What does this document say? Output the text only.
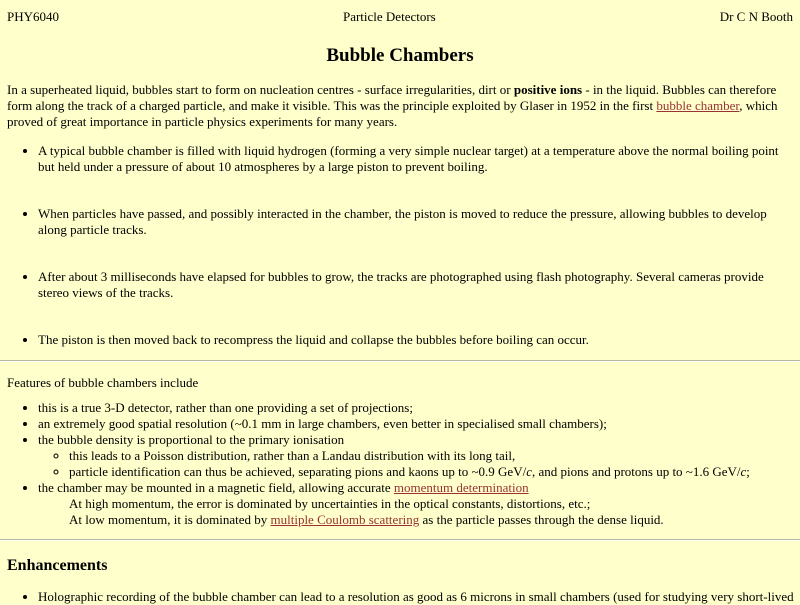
PHY6040	Particle Detectors	Dr C N Booth
Bubble Chambers

In a superheated liquid, bubbles start to form on nucleation centres - surface irregularities, dirt or positive ions - in the liquid. Bubbles can therefore form along the track of a charged particle, and make it visible. This was the principle exploited by Glaser in 1952 in the first bubble chamber, which proved of great importance in particle physics experiments for many years.

• A typical bubble chamber is filled with liquid hydrogen (forming a very simple nuclear target) at a temperature above the normal boiling point but held under a pressure of about 10 atmospheres by a large piston to prevent boiling.
• When particles have passed, and possibly interacted in the chamber, the piston is moved to reduce the pressure, allowing bubbles to develop along particle tracks.
• After about 3 milliseconds have elapsed for bubbles to grow, the tracks are photographed using flash photography. Several cameras provide stereo views of the tracks.
• The piston is then moved back to recompress the liquid and collapse the bubbles before boiling can occur.

Features of bubble chambers include

• this is a true 3-D detector, rather than one providing a set of projections;
• an extremely good spatial resolution (~0.1 mm in large chambers, even better in specialised small chambers);
• the bubble density is proportional to the primary ionisation
◦ this leads to a Poisson distribution, rather than a Landau distribution with its long tail,
◦ particle identification can thus be achieved, separating pions and kaons up to ~0.9 GeV/c, and pions and protons up to ~1.6 GeV/c;
• the chamber may be mounted in a magnetic field, allowing accurate momentum determination
At high momentum, the error is dominated by uncertainties in the optical constants, distortions, etc.;
At low momentum, it is dominated by multiple Coulomb scattering as the particle passes through the dense liquid.
Enhancements
• Holographic recording of the bubble chamber can lead to a resolution as good as 6 microns in small chambers (used for studying very short-lived
